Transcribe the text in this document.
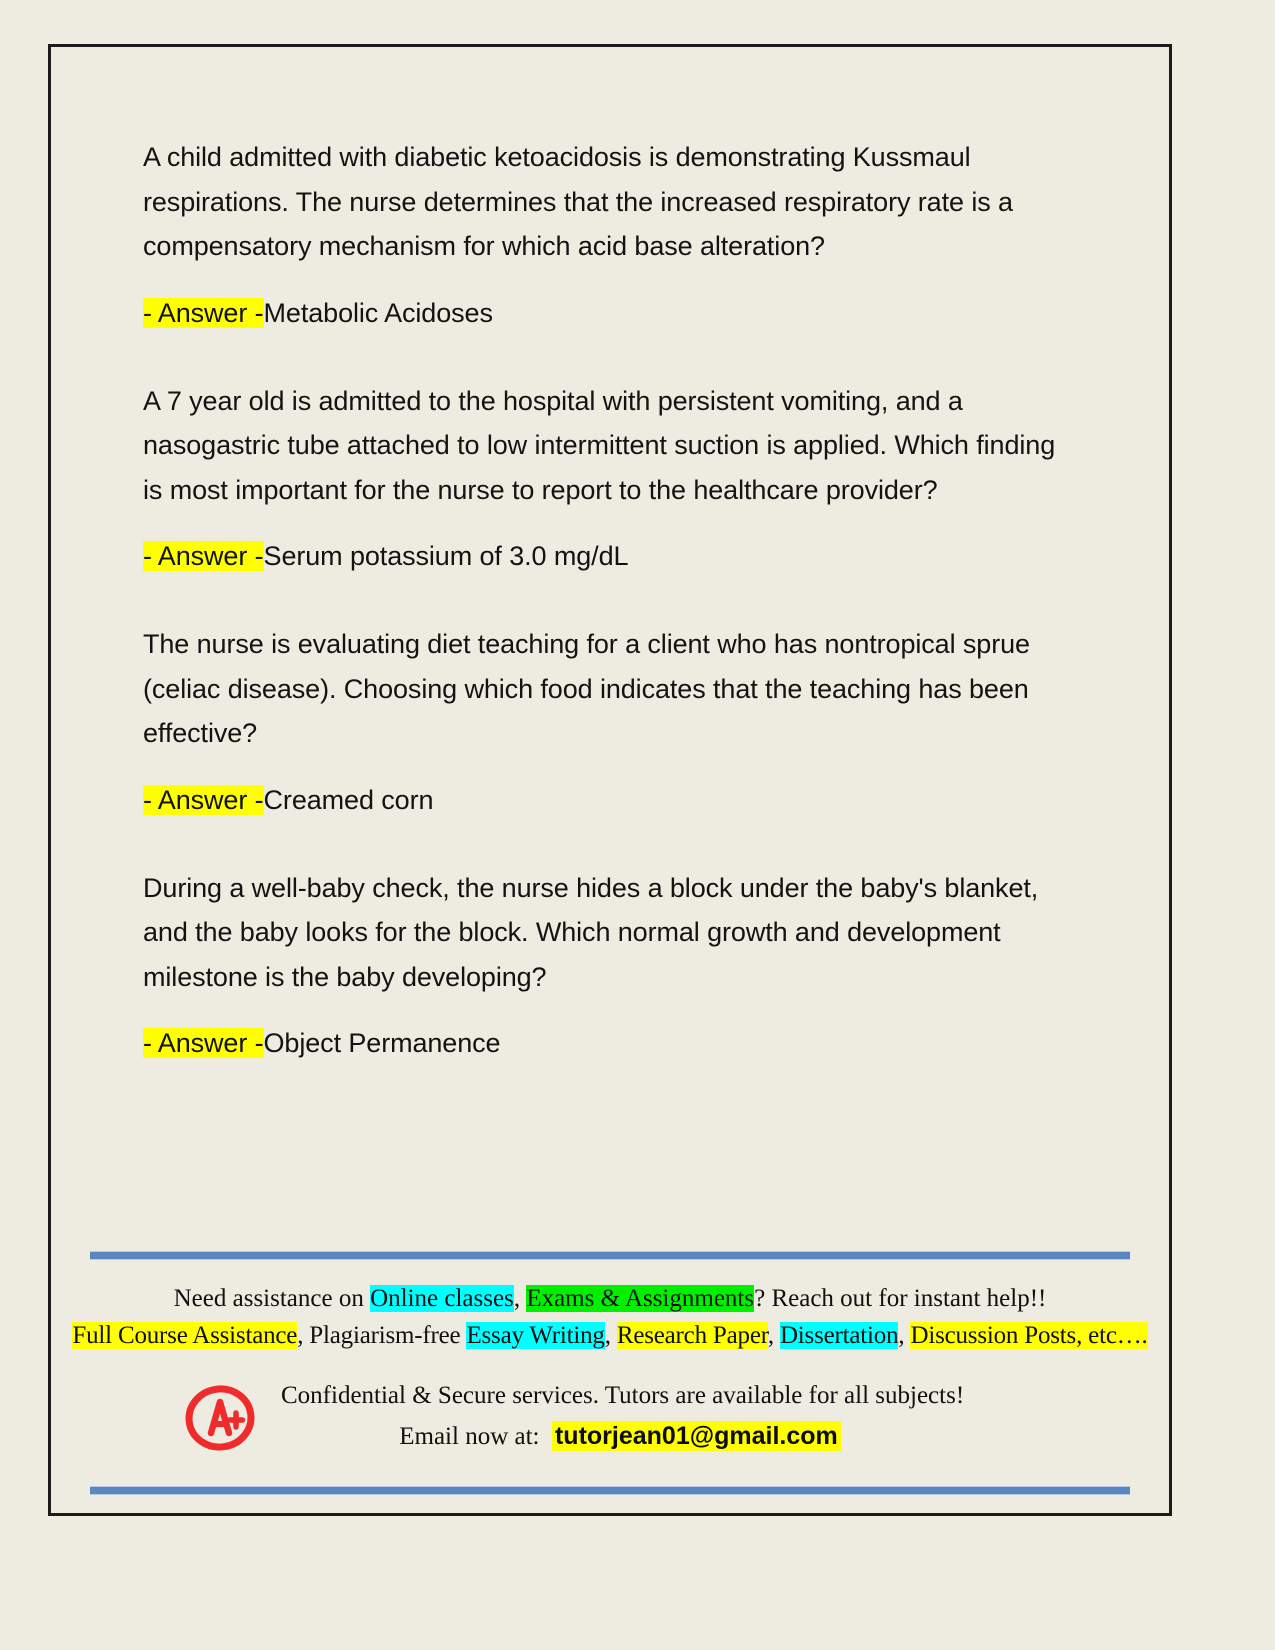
A child admitted with diabetic ketoacidosis is demonstrating Kussmaul respirations. The nurse determines that the increased respiratory rate is a compensatory mechanism for which acid base alteration?

- Answer -Metabolic Acidoses

A 7 year old is admitted to the hospital with persistent vomiting, and a nasogastric tube attached to low intermittent suction is applied. Which finding is most important for the nurse to report to the healthcare provider?

- Answer -Serum potassium of 3.0 mg/dL

The nurse is evaluating diet teaching for a client who has nontropical sprue (celiac disease). Choosing which food indicates that the teaching has been effective?

- Answer -Creamed corn

During a well-baby check, the nurse hides a block under the baby's blanket, and the baby looks for the block. Which normal growth and development milestone is the baby developing?

- Answer -Object Permanence

Need assistance on Online classes, Exams & Assignments? Reach out for instant help!!
Full Course Assistance, Plagiarism-free Essay Writing, Research Paper, Dissertation, Discussion Posts, etc….
Confidential & Secure services. Tutors are available for all subjects!
Email now at: tutorjean01@gmail.com
